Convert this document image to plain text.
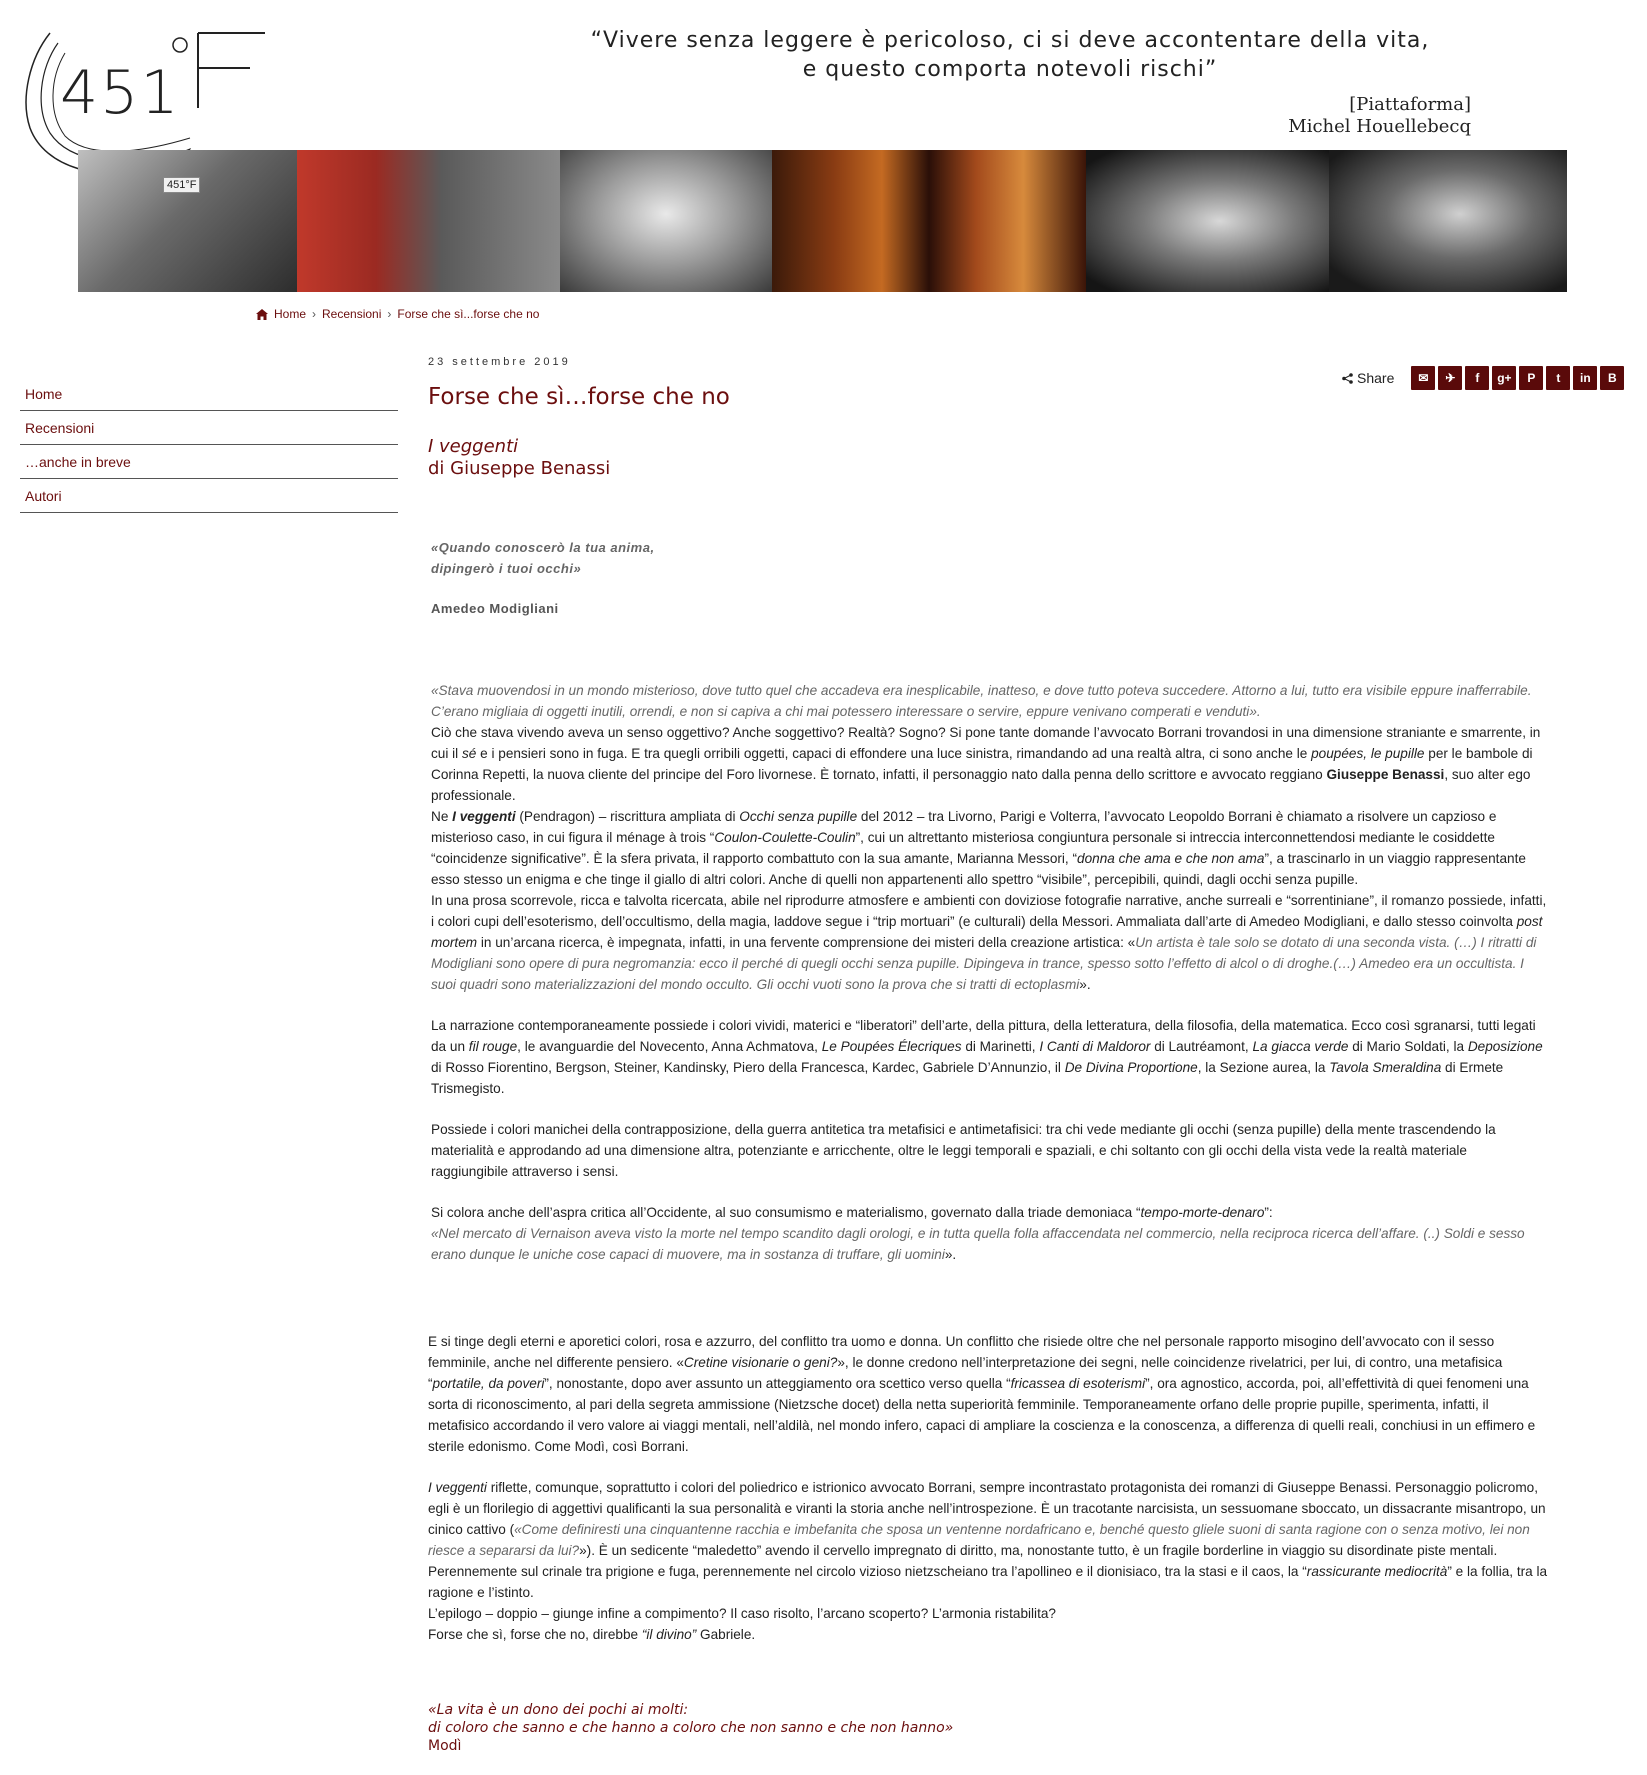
451
“Vivere senza leggere è pericoloso, ci si deve accontentare della vita,
e questo comporta notevoli rischi”
[Piattaforma]
Michel Houellebecq
451°F
Home › Recensioni › Forse che sì...forse che no
Home
Recensioni
…anche in breve
Autori
23 settembre 2019
Forse che sì…forse che no
I veggenti
di Giuseppe Benassi
Share ✉ ✈ f g+ P t in B
«Quando conoscerò la tua anima,
dipingerò i tuoi occhi»
Amedeo Modigliani

«Stava muovendosi in un mondo misterioso, dove tutto quel che accadeva era inesplicabile, inatteso, e dove tutto poteva succedere. Attorno a lui, tutto era visibile eppure inafferrabile. C’erano migliaia di oggetti inutili, orrendi, e non si capiva a chi mai potessero interessare o servire, eppure venivano comperati e venduti».

Ciò che stava vivendo aveva un senso oggettivo? Anche soggettivo? Realtà? Sogno? Si pone tante domande l’avvocato Borrani trovandosi in una dimensione straniante e smarrente, in cui il sé e i pensieri sono in fuga. E tra quegli orribili oggetti, capaci di effondere una luce sinistra, rimandando ad una realtà altra, ci sono anche le poupées, le pupille per le bambole di Corinna Repetti, la nuova cliente del principe del Foro livornese. È tornato, infatti, il personaggio nato dalla penna dello scrittore e avvocato reggiano Giuseppe Benassi, suo alter ego professionale.

Ne I veggenti (Pendragon) – riscrittura ampliata di Occhi senza pupille del 2012 – tra Livorno, Parigi e Volterra, l’avvocato Leopoldo Borrani è chiamato a risolvere un capzioso e misterioso caso, in cui figura il ménage à trois “Coulon-Coulette-Coulin”, cui un altrettanto misteriosa congiuntura personale si intreccia interconnettendosi mediante le cosiddette “coincidenze significative”. È la sfera privata, il rapporto combattuto con la sua amante, Marianna Messori, “donna che ama e che non ama”, a trascinarlo in un viaggio rappresentante esso stesso un enigma e che tinge il giallo di altri colori. Anche di quelli non appartenenti allo spettro “visibile”, percepibili, quindi, dagli occhi senza pupille.

In una prosa scorrevole, ricca e talvolta ricercata, abile nel riprodurre atmosfere e ambienti con doviziose fotografie narrative, anche surreali e “sorrentiniane”, il romanzo possiede, infatti, i colori cupi dell’esoterismo, dell’occultismo, della magia, laddove segue i “trip mortuari” (e culturali) della Messori. Ammaliata dall’arte di Amedeo Modigliani, e dallo stesso coinvolta post mortem in un’arcana ricerca, è impegnata, infatti, in una fervente comprensione dei misteri della creazione artistica: «Un artista è tale solo se dotato di una seconda vista. (…) I ritratti di Modigliani sono opere di pura negromanzia: ecco il perché di quegli occhi senza pupille. Dipingeva in trance, spesso sotto l’effetto di alcol o di droghe.(…) Amedeo era un occultista. I suoi quadri sono materializzazioni del mondo occulto. Gli occhi vuoti sono la prova che si tratti di ectoplasmi».

La narrazione contemporaneamente possiede i colori vividi, materici e “liberatori” dell’arte, della pittura, della letteratura, della filosofia, della matematica. Ecco così sgranarsi, tutti legati da un fil rouge, le avanguardie del Novecento, Anna Achmatova, Le Poupées Élecriques di Marinetti, I Canti di Maldoror di Lautréamont, La giacca verde di Mario Soldati, la Deposizione di Rosso Fiorentino, Bergson, Steiner, Kandinsky, Piero della Francesca, Kardec, Gabriele D’Annunzio, il De Divina Proportione, la Sezione aurea, la Tavola Smeraldina di Ermete Trismegisto.

Possiede i colori manichei della contrapposizione, della guerra antitetica tra metafisici e antimetafisici: tra chi vede mediante gli occhi (senza pupille) della mente trascendendo la materialità e approdando ad una dimensione altra, potenziante e arricchente, oltre le leggi temporali e spaziali, e chi soltanto con gli occhi della vista vede la realtà materiale raggiungibile attraverso i sensi.

Si colora anche dell’aspra critica all’Occidente, al suo consumismo e materialismo, governato dalla triade demoniaca “tempo-morte-denaro”:

«Nel mercato di Vernaison aveva visto la morte nel tempo scandito dagli orologi, e in tutta quella folla affaccendata nel commercio, nella reciproca ricerca dell’affare. (..) Soldi e sesso erano dunque le uniche cose capaci di muovere, ma in sostanza di truffare, gli uomini».

E si tinge degli eterni e aporetici colori, rosa e azzurro, del conflitto tra uomo e donna. Un conflitto che risiede oltre che nel personale rapporto misogino dell’avvocato con il sesso femminile, anche nel differente pensiero. «Cretine visionarie o geni?», le donne credono nell’interpretazione dei segni, nelle coincidenze rivelatrici, per lui, di contro, una metafisica “portatile, da poveri”, nonostante, dopo aver assunto un atteggiamento ora scettico verso quella “fricassea di esoterismi”, ora agnostico, accorda, poi, all’effettività di quei fenomeni una sorta di riconoscimento, al pari della segreta ammissione (Nietzsche docet) della netta superiorità femminile. Temporaneamente orfano delle proprie pupille, sperimenta, infatti, il metafisico accordando il vero valore ai viaggi mentali, nell’aldilà, nel mondo infero, capaci di ampliare la coscienza e la conoscenza, a differenza di quelli reali, conchiusi in un effimero e sterile edonismo. Come Modì, così Borrani.

I veggenti riflette, comunque, soprattutto i colori del poliedrico e istrionico avvocato Borrani, sempre incontrastato protagonista dei romanzi di Giuseppe Benassi. Personaggio policromo, egli è un florilegio di aggettivi qualificanti la sua personalità e viranti la storia anche nell’introspezione. È un tracotante narcisista, un sessuomane sboccato, un dissacrante misantropo, un cinico cattivo («Come definiresti una cinquantenne racchia e imbefanita che sposa un ventenne nordafricano e, benché questo gliele suoni di santa ragione con o senza motivo, lei non riesce a separarsi da lui?»). È un sedicente “maledetto” avendo il cervello impregnato di diritto, ma, nonostante tutto, è un fragile borderline in viaggio su disordinate piste mentali. Perennemente sul crinale tra prigione e fuga, perennemente nel circolo vizioso nietzscheiano tra l’apollineo e il dionisiaco, tra la stasi e il caos, la “rassicurante mediocrità” e la follia, tra la ragione e l’istinto.

L’epilogo – doppio – giunge infine a compimento? Il caso risolto, l’arcano scoperto? L’armonia ristabilita?

Forse che sì, forse che no, direbbe “il divino” Gabriele.

«La vita è un dono dei pochi ai molti:
di coloro che sanno e che hanno a coloro che non sanno e che non hanno»
Modì
